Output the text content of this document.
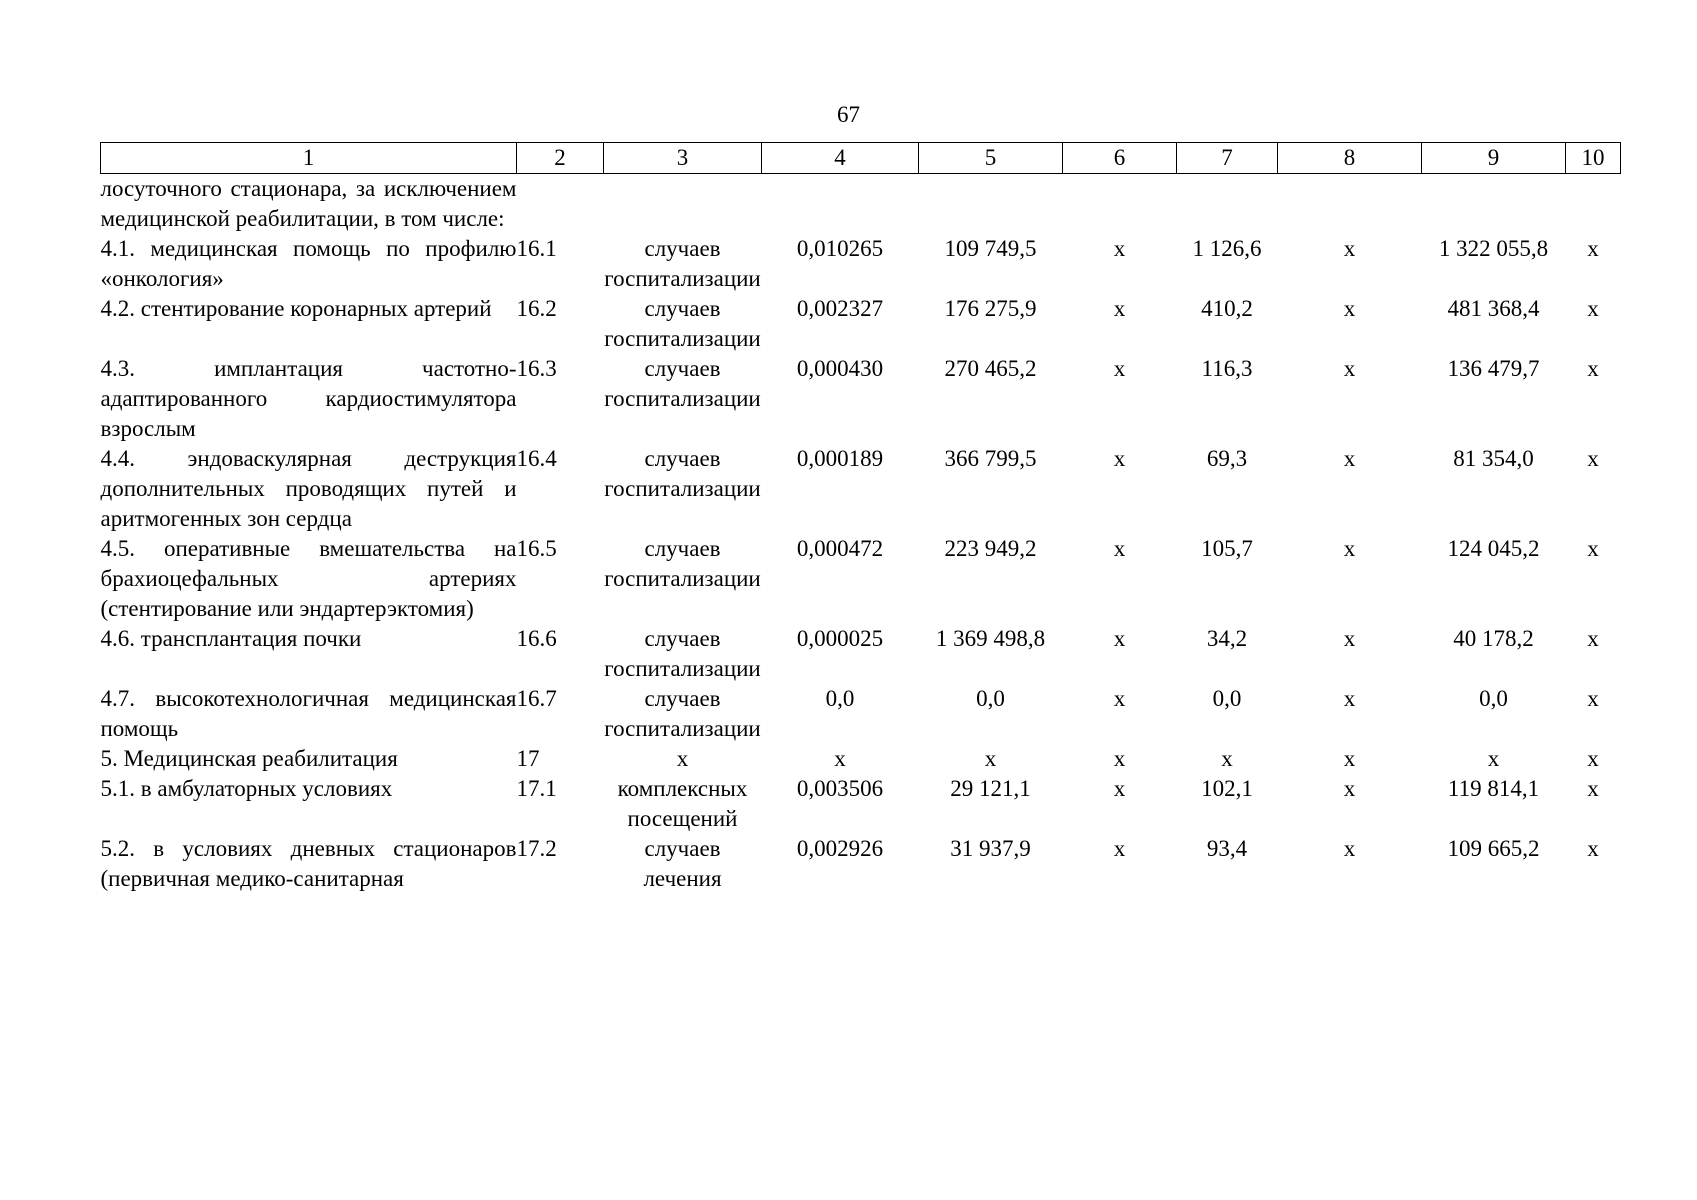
67
1	2	3	4	5	6	7	8	9	10
лосуточного стационара, за исключением медицинской реабилитации, в том числе:									
4.1. медицинская помощь по профилю «онкология»	16.1	случаев госпитализации	0,010265	109 749,5	х	1 126,6	х	1 322 055,8	х
4.2. стентирование коронарных артерий	16.2	случаев госпитализации	0,002327	176 275,9	х	410,2	х	481 368,4	х
4.3. имплантация частотно-адаптированного кардиостимулятора взрослым	16.3	случаев госпитализации	0,000430	270 465,2	х	116,3	х	136 479,7	х
4.4. эндоваскулярная деструкция дополнительных проводящих путей и аритмогенных зон сердца	16.4	случаев госпитализации	0,000189	366 799,5	х	69,3	х	81 354,0	х
4.5. оперативные вмешательства на брахиоцефальных артериях (стентирование или эндартерэктомия)	16.5	случаев госпитализации	0,000472	223 949,2	х	105,7	х	124 045,2	х
4.6. трансплантация почки	16.6	случаев госпитализации	0,000025	1 369 498,8	х	34,2	х	40 178,2	х
4.7. высокотехнологичная медицинская помощь	16.7	случаев госпитализации	0,0	0,0	х	0,0	х	0,0	х
5. Медицинская реабилитация	17	х	х	х	х	х	х	х	х
5.1. в амбулаторных условиях	17.1	комплексных посещений	0,003506	29 121,1	х	102,1	х	119 814,1	х
5.2. в условиях дневных стационаров (первичная медико-санитарная	17.2	случаев лечения	0,002926	31 937,9	х	93,4	х	109 665,2	х
